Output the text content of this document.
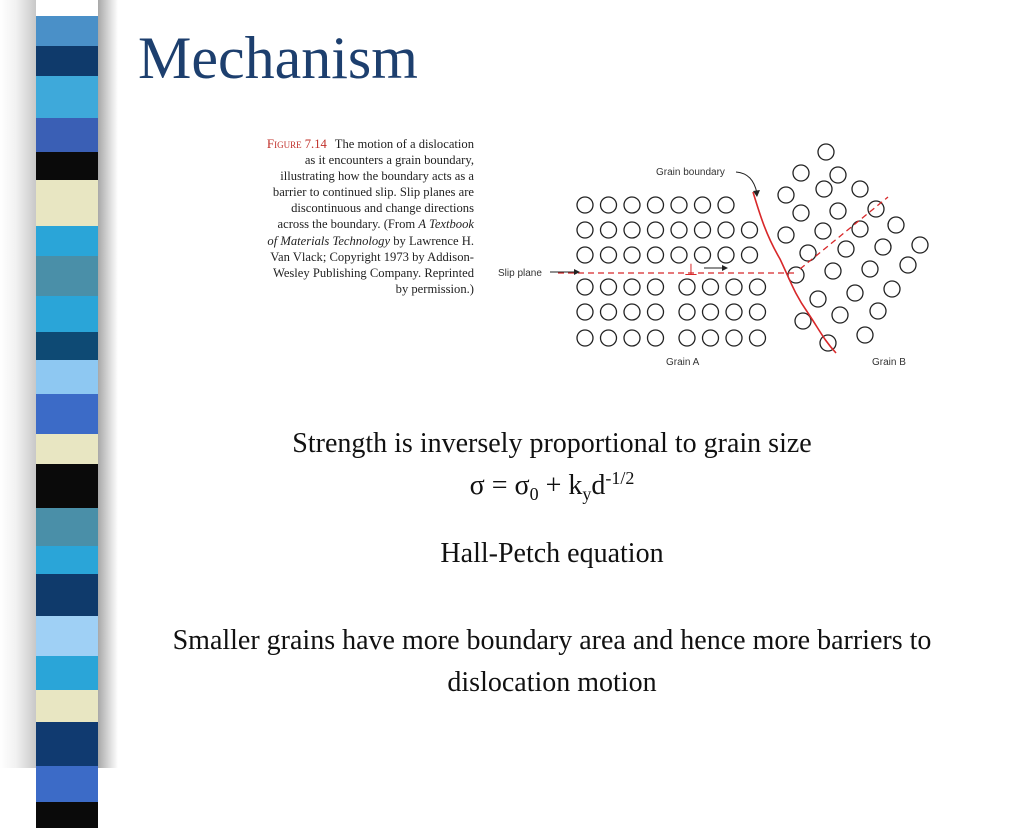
Mechanism
Figure 7.14 The motion of a dislocation
as it encounters a grain boundary,
illustrating how the boundary acts as a
barrier to continued slip. Slip planes are
discontinuous and change directions
across the boundary. (From A Textbook
of Materials Technology by Lawrence H.
Van Vlack; Copyright 1973 by Addison-
Wesley Publishing Company. Reprinted
by permission.)
Slip plane
Grain boundary
⊥
Grain A	Grain B

Strength is inversely proportional to grain size

$\sigma = \sigma_0 + k_yd^{-1/2}$

Hall-Petch equation

Smaller grains have more boundary area and hence more barriers to dislocation motion
